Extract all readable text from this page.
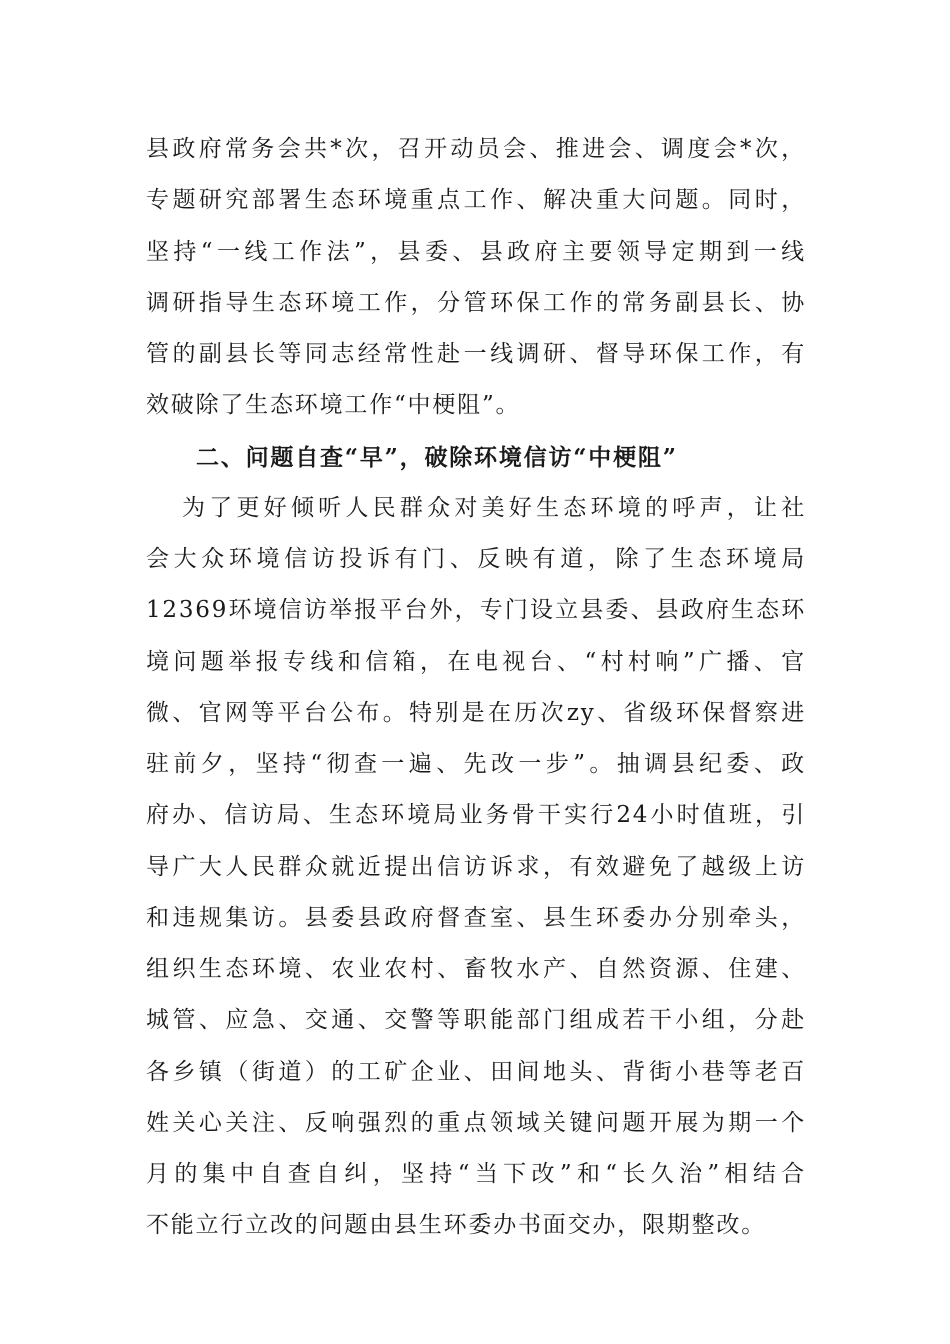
县政府常务会共*次，召开动员会、推进会、调度会*次，
专题研究部署生态环境重点工作、解决重大问题。同时，
坚持“一线工作法”，县委、县政府主要领导定期到一线
调研指导生态环境工作，分管环保工作的常务副县长、协
管的副县长等同志经常性赴一线调研、督导环保工作，有
效破除了生态环境工作“中梗阻”。
二、问题自查“早”，破除环境信访“中梗阻”
为了更好倾听人民群众对美好生态环境的呼声，让社
会大众环境信访投诉有门、反映有道，除了生态环境局
12369环境信访举报平台外，专门设立县委、县政府生态环
境问题举报专线和信箱，在电视台、“村村响”广播、官
微、官网等平台公布。特别是在历次zy、省级环保督察进
驻前夕，坚持“彻查一遍、先改一步”。抽调县纪委、政
府办、信访局、生态环境局业务骨干实行24小时值班，引
导广大人民群众就近提出信访诉求，有效避免了越级上访
和违规集访。县委县政府督查室、县生环委办分别牵头，
组织生态环境、农业农村、畜牧水产、自然资源、住建、
城管、应急、交通、交警等职能部门组成若干小组，分赴
各乡镇（街道）的工矿企业、田间地头、背街小巷等老百
姓关心关注、反响强烈的重点领域关键问题开展为期一个
月的集中自查自纠，坚持“当下改”和“长久治”相结合
不能立行立改的问题由县生环委办书面交办，限期整改。
